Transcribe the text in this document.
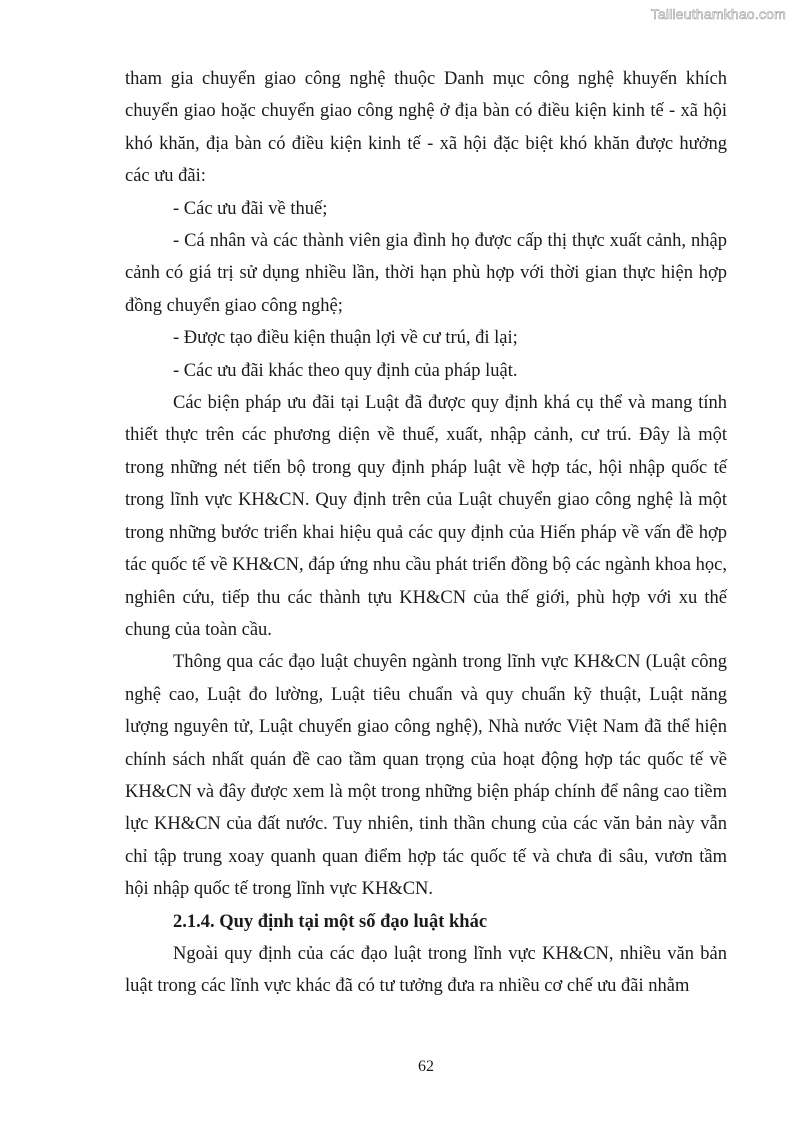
Tailieuthamkhao.com

tham gia chuyển giao công nghệ thuộc Danh mục công nghệ khuyến khích chuyển giao hoặc chuyển giao công nghệ ở địa bàn có điều kiện kinh tế - xã hội khó khăn, địa bàn có điều kiện kinh tế - xã hội đặc biệt khó khăn được hưởng các ưu đãi:

- Các ưu đãi về thuế;

- Cá nhân và các thành viên gia đình họ được cấp thị thực xuất cảnh, nhập cảnh có giá trị sử dụng nhiều lần, thời hạn phù hợp với thời gian thực hiện hợp đồng chuyển giao công nghệ;

- Được tạo điều kiện thuận lợi về cư trú, đi lại;

- Các ưu đãi khác theo quy định của pháp luật.

Các biện pháp ưu đãi tại Luật đã được quy định khá cụ thể và mang tính thiết thực trên các phương diện về thuế, xuất, nhập cảnh, cư trú. Đây là một trong những nét tiến bộ trong quy định pháp luật về hợp tác, hội nhập quốc tế trong lĩnh vực KH&CN. Quy định trên của Luật chuyển giao công nghệ là một trong những bước triển khai hiệu quả các quy định của Hiến pháp về vấn đề hợp tác quốc tế về KH&CN, đáp ứng nhu cầu phát triển đồng bộ các ngành khoa học, nghiên cứu, tiếp thu các thành tựu KH&CN của thế giới, phù hợp với xu thế chung của toàn cầu.

Thông qua các đạo luật chuyên ngành trong lĩnh vực KH&CN (Luật công nghệ cao, Luật đo lường, Luật tiêu chuẩn và quy chuẩn kỹ thuật, Luật năng lượng nguyên tử, Luật chuyển giao công nghệ), Nhà nước Việt Nam đã thể hiện chính sách nhất quán đề cao tầm quan trọng của hoạt động hợp tác quốc tế về KH&CN và đây được xem là một trong những biện pháp chính để nâng cao tiềm lực KH&CN của đất nước. Tuy nhiên, tinh thần chung của các văn bản này vẫn chỉ tập trung xoay quanh quan điểm hợp tác quốc tế và chưa đi sâu, vươn tầm hội nhập quốc tế trong lĩnh vực KH&CN.

2.1.4. Quy định tại một số đạo luật khác

Ngoài quy định của các đạo luật trong lĩnh vực KH&CN, nhiều văn bản luật trong các lĩnh vực khác đã có tư tưởng đưa ra nhiều cơ chế ưu đãi nhằm

62
